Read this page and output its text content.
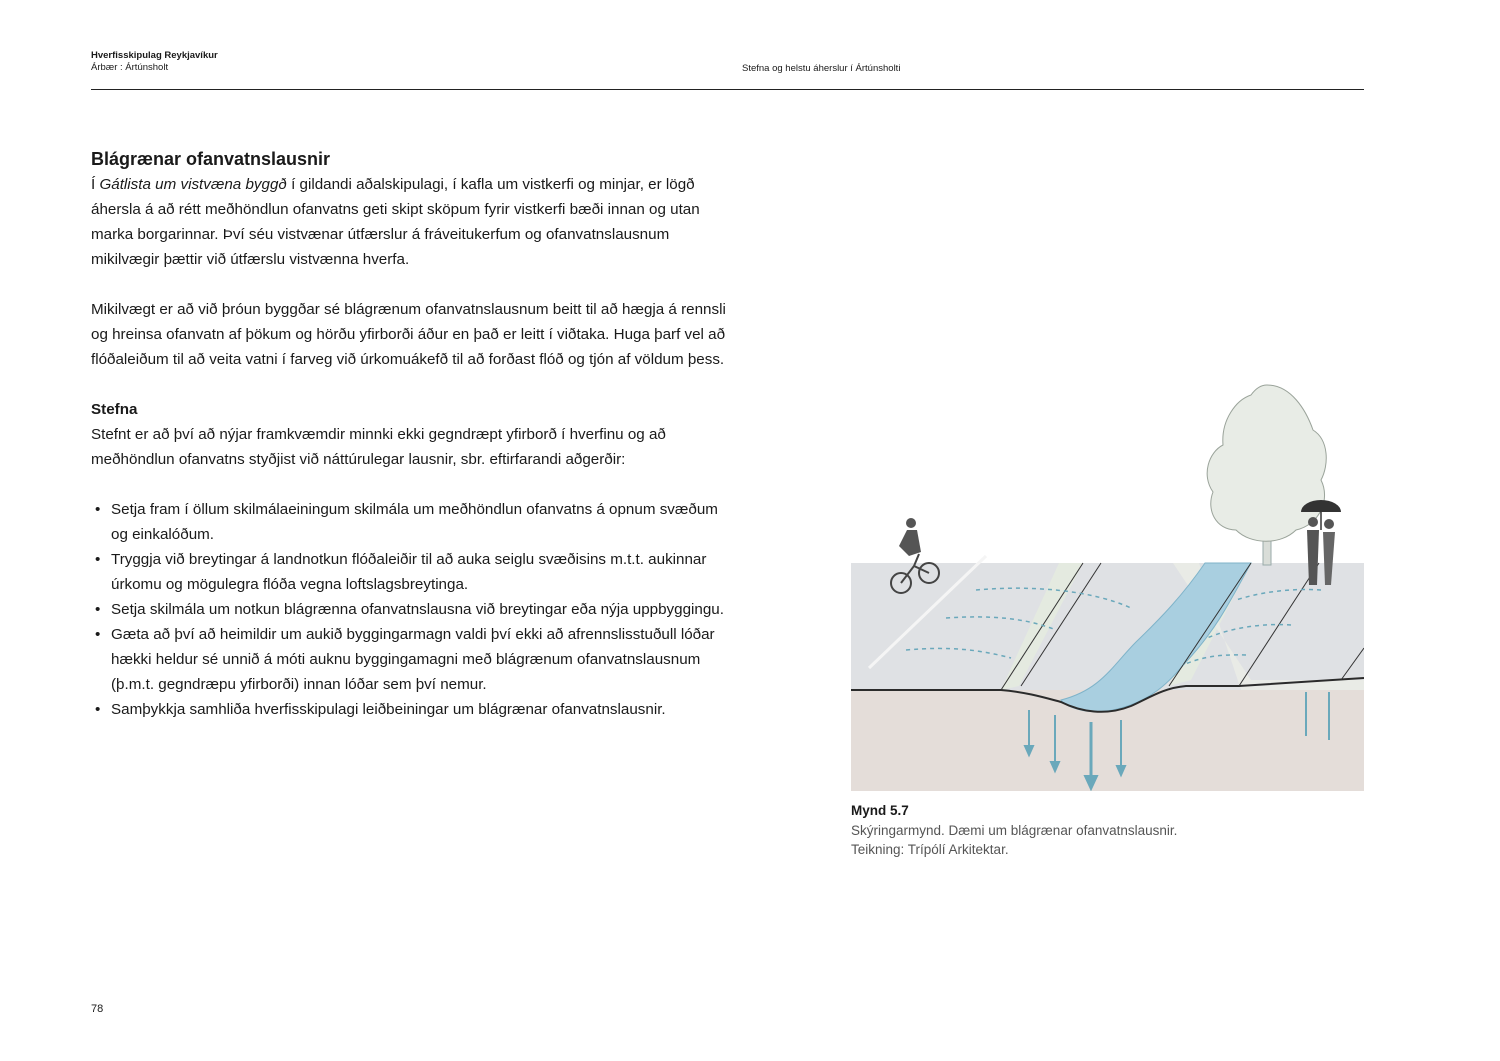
Hverfisskipulag Reykjavíkur
Árbær : Ártúnsholt	Stefna og helstu áherslur í Ártúnsholti
Blágrænar ofanvatnslausnir

Í Gátlista um vistvæna byggð í gildandi aðalskipulagi, í kafla um vistkerfi og minjar, er lögð áhersla á að rétt meðhöndlun ofanvatns geti skipt sköpum fyrir vistkerfi bæði innan og utan marka borgarinnar. Því séu vistvænar útfærslur á fráveitukerfum og ofanvatnslausnum mikilvægir þættir við útfærslu vistvænna hverfa.

Mikilvægt er að við þróun byggðar sé blágrænum ofanvatnslausnum beitt til að hægja á rennsli og hreinsa ofanvatn af þökum og hörðu yfirborði áður en það er leitt í viðtaka. Huga þarf vel að flóðaleiðum til að veita vatni í farveg við úrkomuákefð til að forðast flóð og tjón af völdum þess.

Stefna

Stefnt er að því að nýjar framkvæmdir minnki ekki gegndræpt yfirborð í hverfinu og að meðhöndlun ofanvatns styðjist við náttúrulegar lausnir, sbr. eftirfarandi aðgerðir:

• Setja fram í öllum skilmálaeiningum skilmála um meðhöndlun ofanvatns á opnum svæðum og einkalóðum.
• Tryggja við breytingar á landnotkun flóðaleiðir til að auka seiglu svæðisins m.t.t. aukinnar úrkomu og mögulegra flóða vegna loftslagsbreytinga.
• Setja skilmála um notkun blágrænna ofanvatnslausna við breytingar eða nýja uppbyggingu.
• Gæta að því að heimildir um aukið byggingarmagn valdi því ekki að afrennslisstuðull lóðar hækki heldur sé unnið á móti auknu byggingamagni með blágrænum ofanvatnslausnum (þ.m.t. gegndræpu yfirborði) innan lóðar sem því nemur.
• Samþykkja samhliða hverfisskipulagi leiðbeiningar um blágrænar ofanvatnslausnir.
Mynd 5.7
Skýringarmynd. Dæmi um blágrænar ofanvatnslausnir.
Teikning: Trípólí Arkitektar.
78
